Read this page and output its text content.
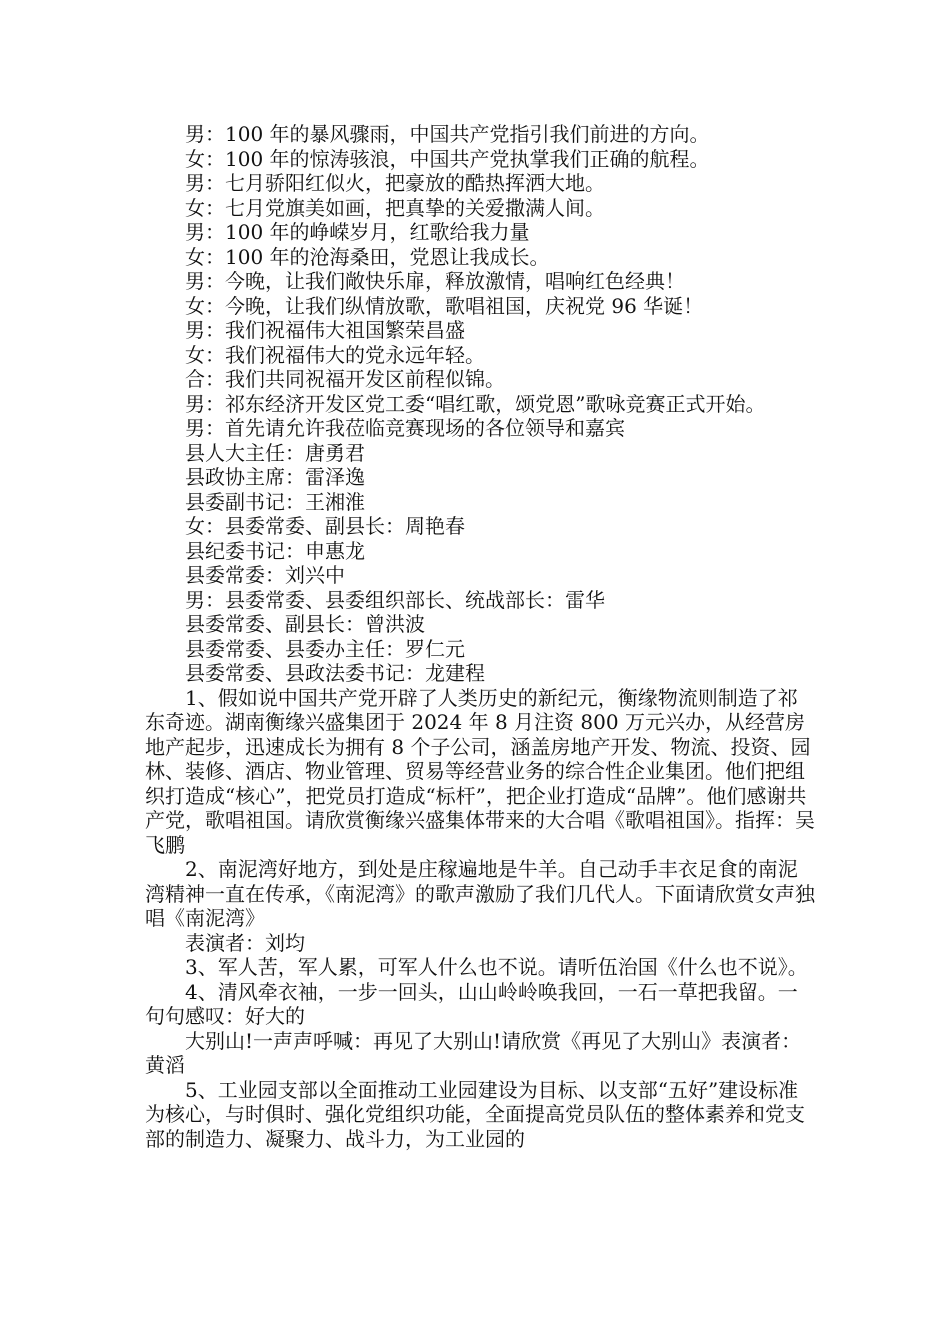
男：100 年的暴风骤雨，中国共产党指引我们前进的方向。

女：100 年的惊涛骇浪，中国共产党执掌我们正确的航程。

男：七月骄阳红似火，把豪放的酷热挥洒大地。

女：七月党旗美如画，把真挚的关爱撒满人间。

男：100 年的峥嵘岁月，红歌给我力量

女：100 年的沧海桑田，党恩让我成长。

男：今晚，让我们敞快乐扉，释放激情，唱响红色经典！

女：今晚，让我们纵情放歌，歌唱祖国，庆祝党 96 华诞！

男：我们祝福伟大祖国繁荣昌盛

女：我们祝福伟大的党永远年轻。

合：我们共同祝福开发区前程似锦。

男：祁东经济开发区党工委“唱红歌，颂党恩”歌咏竞赛正式开始。

男：首先请允许我莅临竞赛现场的各位领导和嘉宾

县人大主任：唐勇君

县政协主席：雷泽逸

县委副书记：王湘淮

女：县委常委、副县长：周艳春

县纪委书记：申惠龙

县委常委：刘兴中

男：县委常委、县委组织部长、统战部长：雷华

县委常委、副县长：曾洪波

县委常委、县委办主任：罗仁元

县委常委、县政法委书记：龙建程

1、假如说中国共产党开辟了人类历史的新纪元，衡缘物流则制造了祁东奇迹。湖南衡缘兴盛集团于 2024 年 8 月注资 800 万元兴办，从经营房地产起步，迅速成长为拥有 8 个子公司，涵盖房地产开发、物流、投资、园林、装修、酒店、物业管理、贸易等经营业务的综合性企业集团。他们把组织打造成“核心”，把党员打造成“标杆”，把企业打造成“品牌”。他们感谢共产党，歌唱祖国。请欣赏衡缘兴盛集体带来的大合唱《歌唱祖国》。指挥：吴飞鹏

2、南泥湾好地方，到处是庄稼遍地是牛羊。自己动手丰衣足食的南泥湾精神一直在传承，《南泥湾》的歌声激励了我们几代人。下面请欣赏女声独唱《南泥湾》

表演者：刘均

3、军人苦，军人累，可军人什么也不说。请听伍治国《什么也不说》。

4、清风牵衣袖，一步一回头，山山岭岭唤我回，一石一草把我留。一句句感叹：好大的

大别山!一声声呼喊：再见了大别山!请欣赏《再见了大别山》表演者：黄滔

5、工业园支部以全面推动工业园建设为目标、以支部“五好”建设标准为核心，与时俱时、强化党组织功能，全面提高党员队伍的整体素养和党支部的制造力、凝聚力、战斗力，为工业园的
